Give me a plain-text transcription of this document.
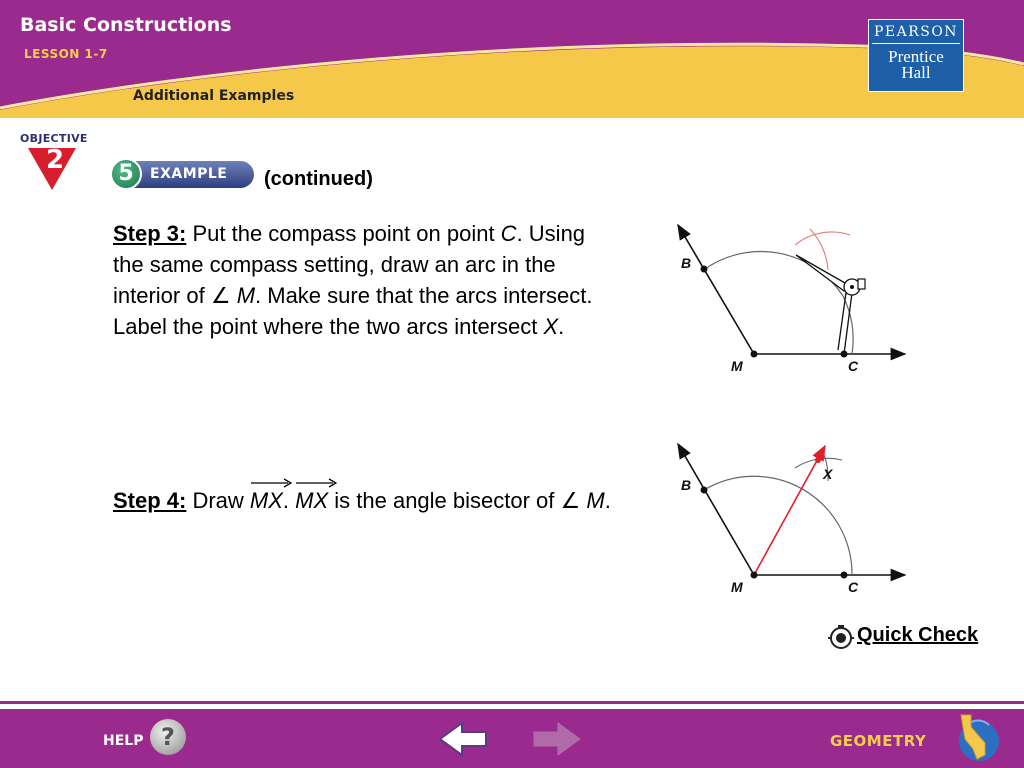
Basic Constructions
LESSON 1-7
Additional Examples
PEARSON
Prentice
Hall
OBJECTIVE
2	5	EXAMPLE (continued)
Step 3: Put the compass point on point C. Using the same compass setting, draw an arc in the interior of ∠ M. Make sure that the arcs intersect. Label the point where the two arcs intersect X.
B
M	C
Step 4: Draw
MX.
MX is the angle bisector of ∠ M.
B
M	C
X
Quick Check
HELP ?	GEOMETRY
